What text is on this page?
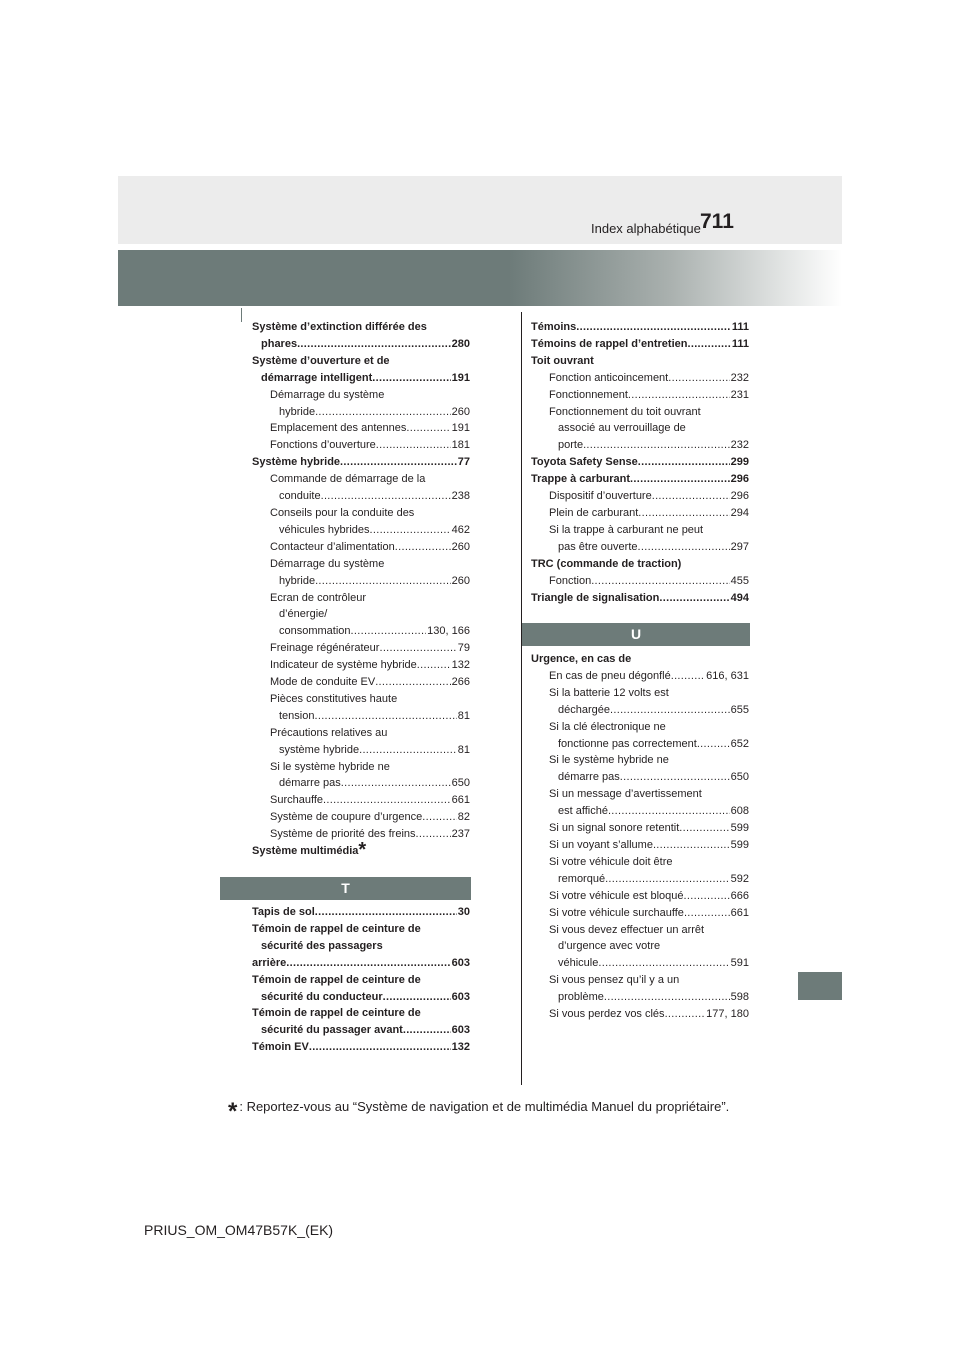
Index alphabétique 711
Système d’extinction différée des
phares .....	280
Système d’ouverture et de
démarrage intelligent .....	191
Démarrage du système
hybride .....	260
Emplacement des antennes .....	191
Fonctions d’ouverture .....	181
Système hybride .....	77
Commande de démarrage de la
conduite .....	238
Conseils pour la conduite des
véhicules hybrides .....	462
Contacteur d’alimentation .....	260
Démarrage du système
hybride .....	260
Ecran de contrôleur
d’énergie/
consommation .....	130, 166
Freinage régénérateur .....	79
Indicateur de système hybride .....	132
Mode de conduite EV .....	266
Pièces constitutives haute
tension .....	81
Précautions relatives au
système hybride .....	81
Si le système hybride ne
démarre pas .....	650
Surchauffe .....	661
Système de coupure d’urgence .....	82
Système de priorité des freins .....	237
Système multimédia*
T
Tapis de sol .....	30
Témoin de rappel de ceinture de
sécurité des passagers
arrière .....	603
Témoin de rappel de ceinture de
sécurité du conducteur .....	603
Témoin de rappel de ceinture de
sécurité du passager avant .....	603
Témoin EV .....	132
Témoins .....	111
Témoins de rappel d’entretien .....	111
Toit ouvrant
Fonction anticoincement .....	232
Fonctionnement .....	231
Fonctionnement du toit ouvrant
associé au verrouillage de
porte .....	232
Toyota Safety Sense .....	299
Trappe à carburant .....	296
Dispositif d’ouverture .....	296
Plein de carburant .....	294
Si la trappe à carburant ne peut
pas être ouverte .....	297
TRC (commande de traction)
Fonction .....	455
Triangle de signalisation .....	494
U
Urgence, en cas de
En cas de pneu dégonflé .....	616, 631
Si la batterie 12 volts est
déchargée .....	655
Si la clé électronique ne
fonctionne pas correctement .....	652
Si le système hybride ne
démarre pas .....	650
Si un message d’avertissement
est affiché .....	608
Si un signal sonore retentit .....	599
Si un voyant s’allume .....	599
Si votre véhicule doit être
remorqué .....	592
Si votre véhicule est bloqué .....	666
Si votre véhicule surchauffe .....	661
Si vous devez effectuer un arrêt
d’urgence avec votre
véhicule .....	591
Si vous pensez qu’il y a un
problème .....	598
Si vous perdez vos clés .....	177, 180
* : Reportez-vous au “Système de navigation et de multimédia Manuel du propriétaire”.
PRIUS_OM_OM47B57K_(EK)
